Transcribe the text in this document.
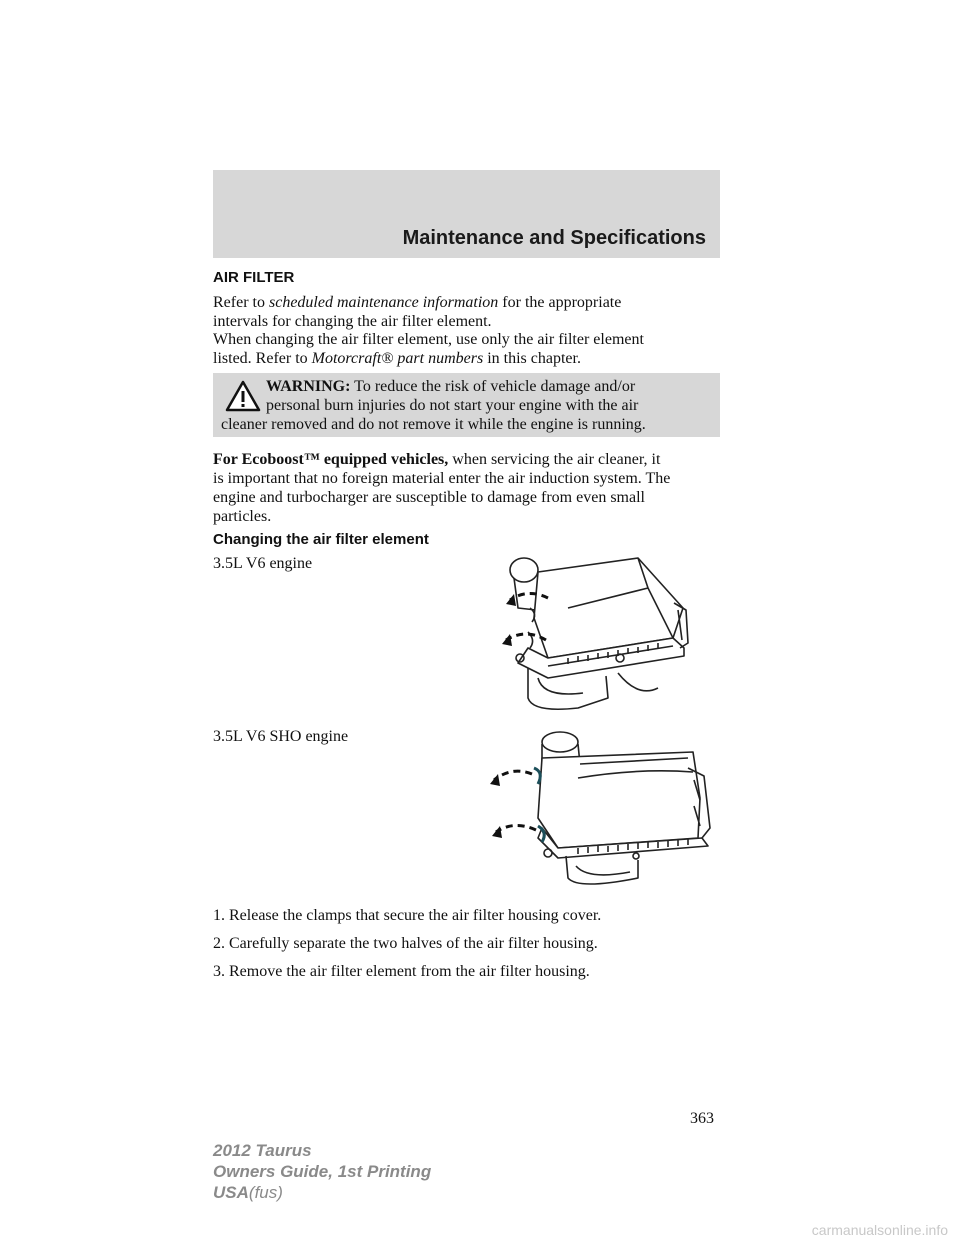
Maintenance and Specifications
AIR FILTER

Refer to scheduled maintenance information for the appropriate
intervals for changing the air filter element.

When changing the air filter element, use only the air filter element
listed. Refer to Motorcraft® part numbers in this chapter.

WARNING: To reduce the risk of vehicle damage and/or
personal burn injuries do not start your engine with the air
cleaner removed and do not remove it while the engine is running.

For Ecoboost™ equipped vehicles, when servicing the air cleaner, it
is important that no foreign material enter the air induction system. The
engine and turbocharger are susceptible to damage from even small
particles.

Changing the air filter element
3.5L V6 engine
3.5L V6 SHO engine
1. Release the clamps that secure the air filter housing cover.
2. Carefully separate the two halves of the air filter housing.
3. Remove the air filter element from the air filter housing.
363
2012 Taurus
Owners Guide, 1st Printing
USA(fus)
carmanualsonline.info
